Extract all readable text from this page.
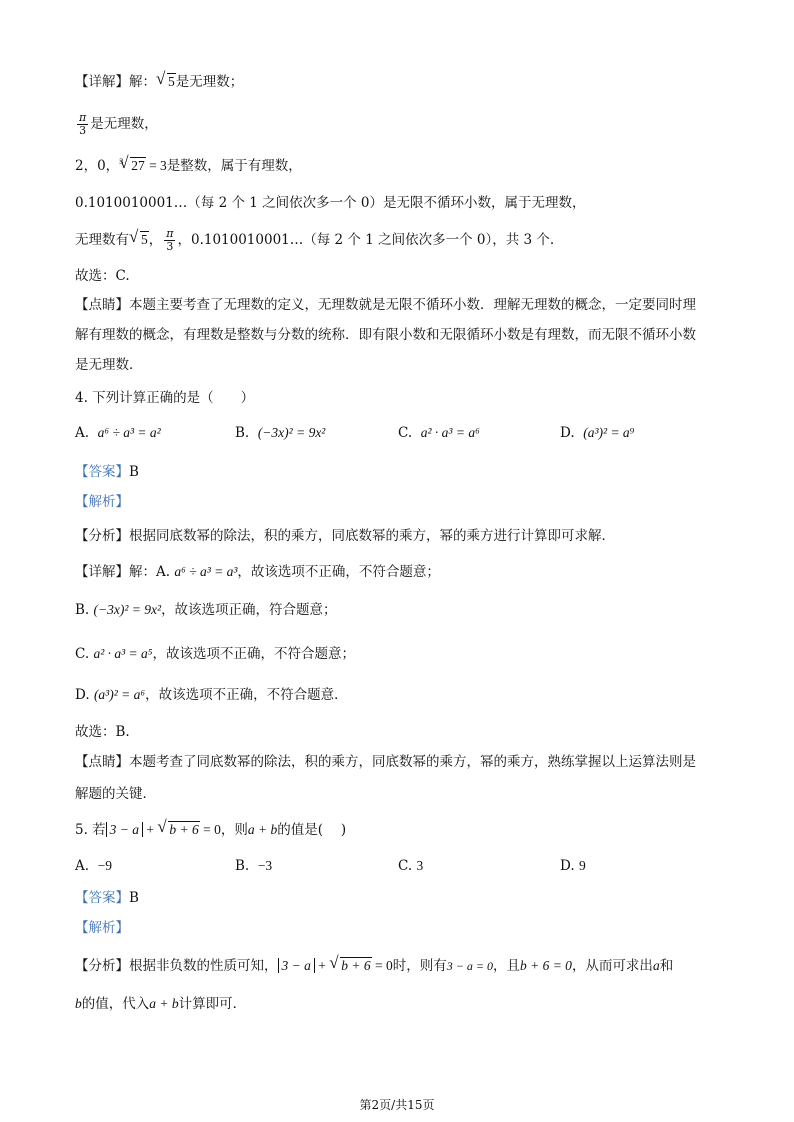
【详解】解： √ 5是无理数；
$\frac{\pi}{3}$ 是无理数，
2，0， √ 3 27 = 3是整数，属于有理数，
0.1010010001…（每 2 个 1 之间依次多一个 0）是无限不循环小数，属于无理数，
无理数有 √ 5， $\frac{\pi}{3}$ ，0.1010010001…（每 2 个 1 之间依次多一个 0），共 3 个.
故选：C.
【点睛】本题主要考查了无理数的定义，无理数就是无限不循环小数．理解无理数的概念，一定要同时理
解有理数的概念，有理数是整数与分数的统称．即有限小数和无限循环小数是有理数，而无限不循环小数
是无理数．
4. 下列计算正确的是（　　）
A. a⁶ ÷ a³ = a²	B. (−3x)² = 9x²	C. a² · a³ = a⁶	D. (a³)² = a⁹
【答案】B
【解析】
【分析】根据同底数幂的除法，积的乘方，同底数幂的乘方，幂的乘方进行计算即可求解．
【详解】解：A. a⁶ ÷ a³ = a³，故该选项不正确，不符合题意；
B. (−3x)² = 9x²，故该选项正确，符合题意；
C. a² · a³ = a⁵，故该选项不正确，不符合题意；
D. (a³)² = a⁶，故该选项不正确，不符合题意．
故选：B.
【点睛】本题考查了同底数幂的除法，积的乘方，同底数幂的乘方，幂的乘方，熟练掌握以上运算法则是
解题的关键．
5. 若 3 − a + √ b + 6 = 0，则a + b的值是(　 )
A. −9	B. −3	C. 3	D. 9
【答案】B
【解析】
【分析】根据非负数的性质可知， 3 − a + √ b + 6 = 0时，则有3 − a = 0，且b + 6 = 0，从而可求出a和
b的值，代入a + b计算即可．
第2页/共15页
